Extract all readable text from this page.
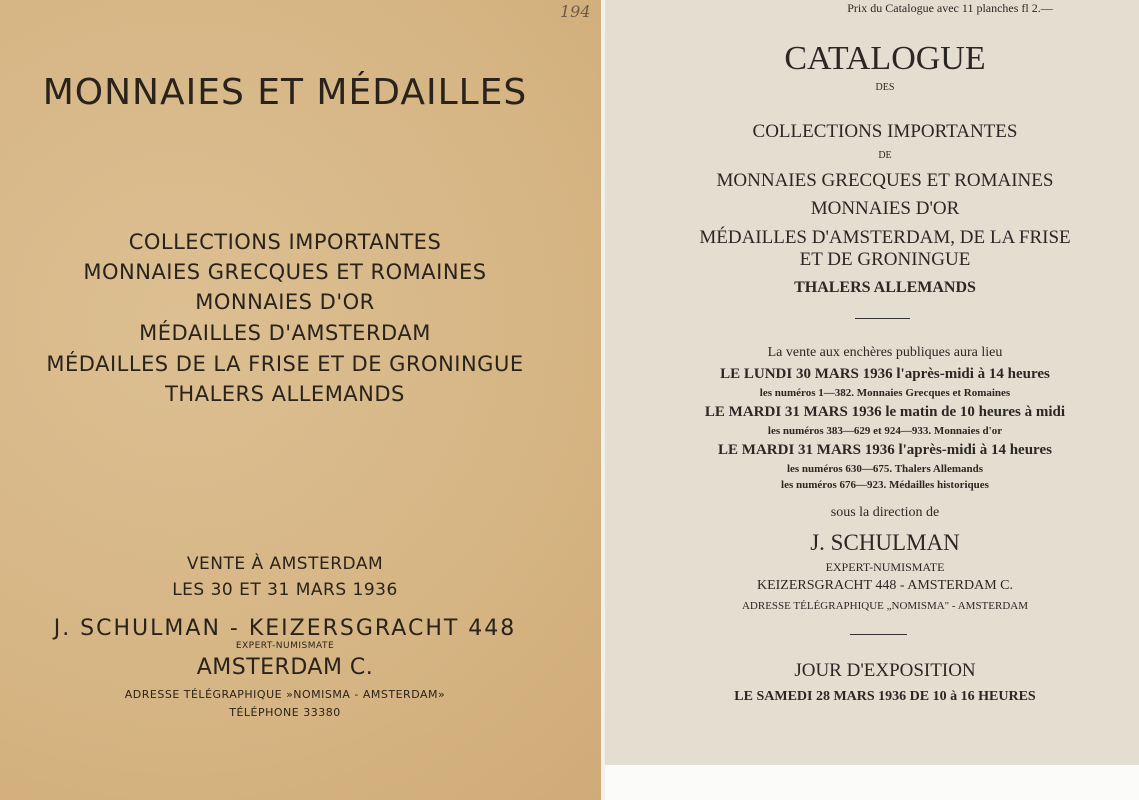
194
MONNAIES ET MÉDAILLES
COLLECTIONS IMPORTANTES
MONNAIES GRECQUES ET ROMAINES
MONNAIES D'OR
MÉDAILLES D'AMSTERDAM
MÉDAILLES DE LA FRISE ET DE GRONINGUE
THALERS ALLEMANDS
VENTE À AMSTERDAM
LES 30 ET 31 MARS 1936
J. SCHULMAN - KEIZERSGRACHT 448
EXPERT-NUMISMATE
AMSTERDAM C.
ADRESSE TÉLÉGRAPHIQUE »NOMISMA - AMSTERDAM»
TÉLÉPHONE 33380
Prix du Catalogue avec 11 planches fl 2.—
CATALOGUE
DES
COLLECTIONS IMPORTANTES
DE
MONNAIES GRECQUES ET ROMAINES
MONNAIES D'OR
MÉDAILLES D'AMSTERDAM, DE LA FRISE
ET DE GRONINGUE
THALERS ALLEMANDS
La vente aux enchères publiques aura lieu
LE LUNDI 30 MARS 1936 l'après-midi à 14 heures
les numéros 1—382. Monnaies Grecques et Romaines
LE MARDI 31 MARS 1936 le matin de 10 heures à midi
les numéros 383—629 et 924—933. Monnaies d'or
LE MARDI 31 MARS 1936 l'après-midi à 14 heures
les numéros 630—675. Thalers Allemands
les numéros 676—923. Médailles historiques
sous la direction de
J. SCHULMAN
EXPERT-NUMISMATE
KEIZERSGRACHT 448 - AMSTERDAM C.
ADRESSE TÉLÉGRAPHIQUE „NOMISMA" - AMSTERDAM
JOUR D'EXPOSITION
LE SAMEDI 28 MARS 1936 DE 10 à 16 HEURES
